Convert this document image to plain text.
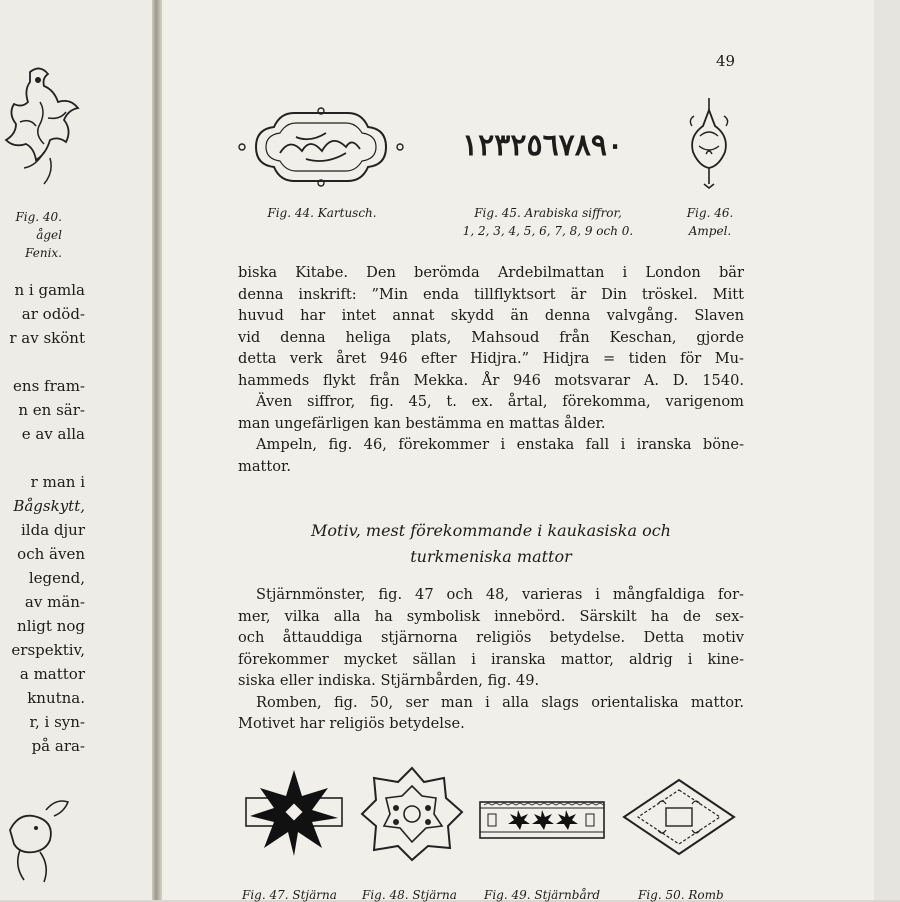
Fig. 40.
ågel Fenix.
n i gamla
ar odöd-
r av skönt
ens fram-
n en sär-
e av alla
r man i
Bågskytt,
ilda djur
och även
legend,
av män-
nligt nog
erspektiv,
a mattor
knutna.
r, i syn-
på ara-
49
١٢٣٢٥٦٧٨٩٠
Fig. 44. Kartusch.	Fig. 45. Arabiska siffror,
1, 2, 3, 4, 5, 6, 7, 8, 9 och 0.
Fig. 46.
Ampel.
biska Kitabe. Den berömda Ardebilmattan i London bär
denna inskrift: ”Min enda tillflyktsort är Din tröskel. Mitt
huvud har intet annat skydd än denna valvgång. Slaven
vid denna heliga plats, Mahsoud från Keschan, gjorde
detta verk året 946 efter Hidjra.” Hidjra = tiden för Mu-
hammeds flykt från Mekka. År 946 motsvarar A. D. 1540.
Även siffror, fig. 45, t. ex. årtal, förekomma, varigenom
man ungefärligen kan bestämma en mattas ålder.
Ampeln, fig. 46, förekommer i enstaka fall i iranska böne-
mattor.
Motiv, mest förekommande i kaukasiska och
turkmeniska mattor
Stjärnmönster, fig. 47 och 48, varieras i mångfaldiga for-
mer, vilka alla ha symbolisk innebörd. Särskilt ha de sex-
och åttauddiga stjärnorna religiös betydelse. Detta motiv
förekommer mycket sällan i iranska mattor, aldrig i kine-
siska eller indiska. Stjärnbården, fig. 49.
Romben, fig. 50, ser man i alla slags orientaliska mattor.
Motivet har religiös betydelse.
Fig. 47. Stjärna Fig. 48. Stjärna Fig. 49. Stjärnbård	Fig. 50. Romb
